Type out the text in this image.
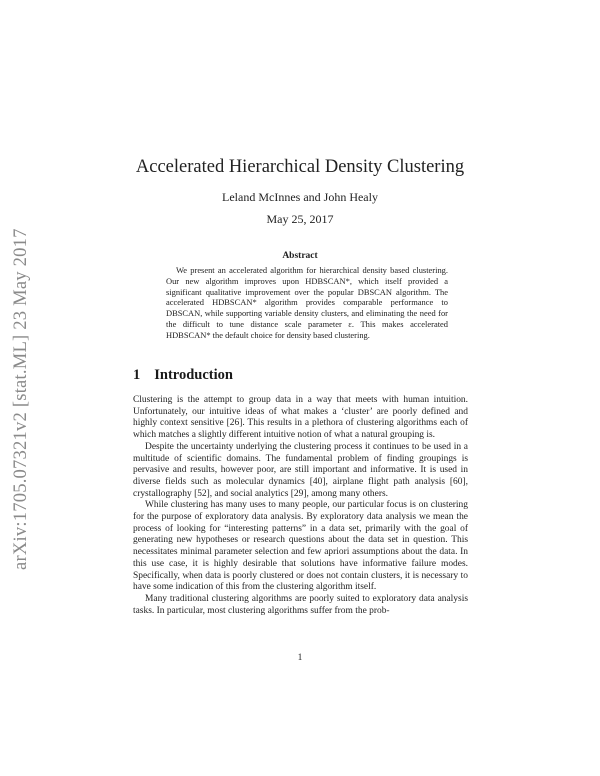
arXiv:1705.07321v2 [stat.ML] 23 May 2017
Accelerated Hierarchical Density Clustering
Leland McInnes and John Healy
May 25, 2017
Abstract
We present an accelerated algorithm for hierarchical density based clustering. Our new algorithm improves upon HDBSCAN*, which itself provided a significant qualitative improvement over the popular DBSCAN algorithm. The accelerated HDBSCAN* algorithm provides comparable performance to DBSCAN, while supporting variable density clusters, and eliminating the need for the difficult to tune distance scale parameter ε. This makes accelerated HDBSCAN* the default choice for density based clustering.
1 Introduction

Clustering is the attempt to group data in a way that meets with human intuition. Unfortunately, our intuitive ideas of what makes a ‘cluster’ are poorly defined and highly context sensitive [26]. This results in a plethora of clustering algorithms each of which matches a slightly different intuitive notion of what a natural grouping is.

Despite the uncertainty underlying the clustering process it continues to be used in a multitude of scientific domains. The fundamental problem of finding groupings is pervasive and results, however poor, are still important and informative. It is used in diverse fields such as molecular dynamics [40], airplane flight path analysis [60], crystallography [52], and social analytics [29], among many others.

While clustering has many uses to many people, our particular focus is on clustering for the purpose of exploratory data analysis. By exploratory data analysis we mean the process of looking for “interesting patterns” in a data set, primarily with the goal of generating new hypotheses or research questions about the data set in question. This necessitates minimal parameter selection and few apriori assumptions about the data. In this use case, it is highly desirable that solutions have informative failure modes. Specifically, when data is poorly clustered or does not contain clusters, it is necessary to have some indication of this from the clustering algorithm itself.

Many traditional clustering algorithms are poorly suited to exploratory data analysis tasks. In particular, most clustering algorithms suffer from the prob-

1
